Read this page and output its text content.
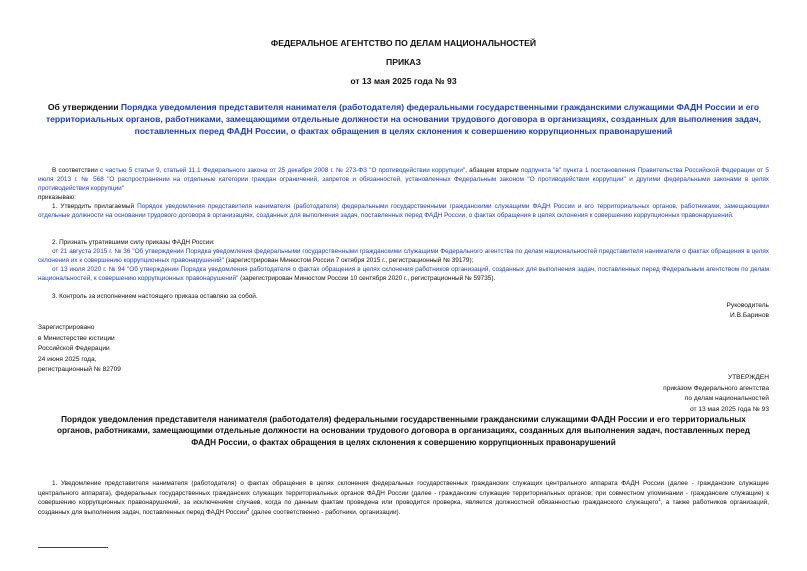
ФЕДЕРАЛЬНОЕ АГЕНТСТВО ПО ДЕЛАМ НАЦИОНАЛЬНОСТЕЙ
ПРИКАЗ
от 13 мая 2025 года № 93
Об утверждении Порядка уведомления представителя нанимателя (работодателя) федеральными государственными гражданскими служащими ФАДН России и его территориальных органов, работниками, замещающими отдельные должности на основании трудового договора в организациях, созданных для выполнения задач, поставленных перед ФАДН России, о фактах обращения в целях склонения к совершению коррупционных правонарушений
В соответствии с частью 5 статьи 9, статьей 11.1 Федерального закона от 25 декабря 2008 г. № 273-ФЗ "О противодействии коррупции", абзацем вторым подпункта "в" пункта 1 постановления Правительства Российской Федерации от 5 июля 2013 г. № 568 "О распространении на отдельные категории граждан ограничений, запретов и обязанностей, установленных Федеральным законом "О противодействии коррупции" и другими федеральными законами в целях противодействия коррупции"
приказываю:
1. Утвердить прилагаемый Порядок уведомления представителя нанимателя (работодателя) федеральными государственными гражданскими служащими ФАДН России и его территориальных органов, работниками, замещающими отдельные должности на основании трудового договора в организациях, созданных для выполнения задач, поставленных перед ФАДН России, о фактах обращения в целях склонения к совершению коррупционных правонарушений.
2. Признать утратившими силу приказы ФАДН России:
от 21 августа 2015 г. № 36 "Об утверждении Порядка уведомления федеральными государственными гражданскими служащими Федерального агентства по делам национальностей представителя нанимателя о фактах обращения в целях склонения их к совершению коррупционных правонарушений" (зарегистрирован Минюстом России 7 октября 2015 г., регистрационный № 39179);
от 13 июля 2020 г. № 94 "Об утверждении Порядка уведомления работодателя о фактах обращения в целях склонения работников организаций, созданных для выполнения задач, поставленных перед Федеральным агентством по делам национальностей, к совершению коррупционных правонарушений" (зарегистрирован Минюстом России 10 сентября 2020 г., регистрационный № 59735).
3. Контроль за исполнением настоящего приказа оставляю за собой.
Руководитель
И.В.Баринов
Зарегистрировано
в Министерстве юстиции
Российской Федерации
24 июня 2025 года,
регистрационный № 82709
УТВЕРЖДЕН
приказом Федерального агентства
по делам национальностей
от 13 мая 2025 года № 93
Порядок уведомления представителя нанимателя (работодателя) федеральными государственными гражданскими служащими ФАДН России и его территориальных органов, работниками, замещающими отдельные должности на основании трудового договора в организациях, созданных для выполнения задач, поставленных перед ФАДН России, о фактах обращения в целях склонения к совершению коррупционных правонарушений
1. Уведомление представителя нанимателя (работодателя) о фактах обращения в целях склонения федеральных государственных гражданских служащих центрального аппарата ФАДН России (далее - гражданские служащие центрального аппарата), федеральных государственных гражданских служащих территориальных органов ФАДН России (далее - гражданские служащие территориальных органов; при совместном упоминании - гражданские служащие) к совершению коррупционных правонарушений, за исключением случаев, когда по данным фактам проведена или проводится проверка, является должностной обязанностью гражданского служащего$^1$, а также работников организаций, созданных для выполнения задач, поставленных перед ФАДН России$^2$ (далее соответственно - работники, организации).
